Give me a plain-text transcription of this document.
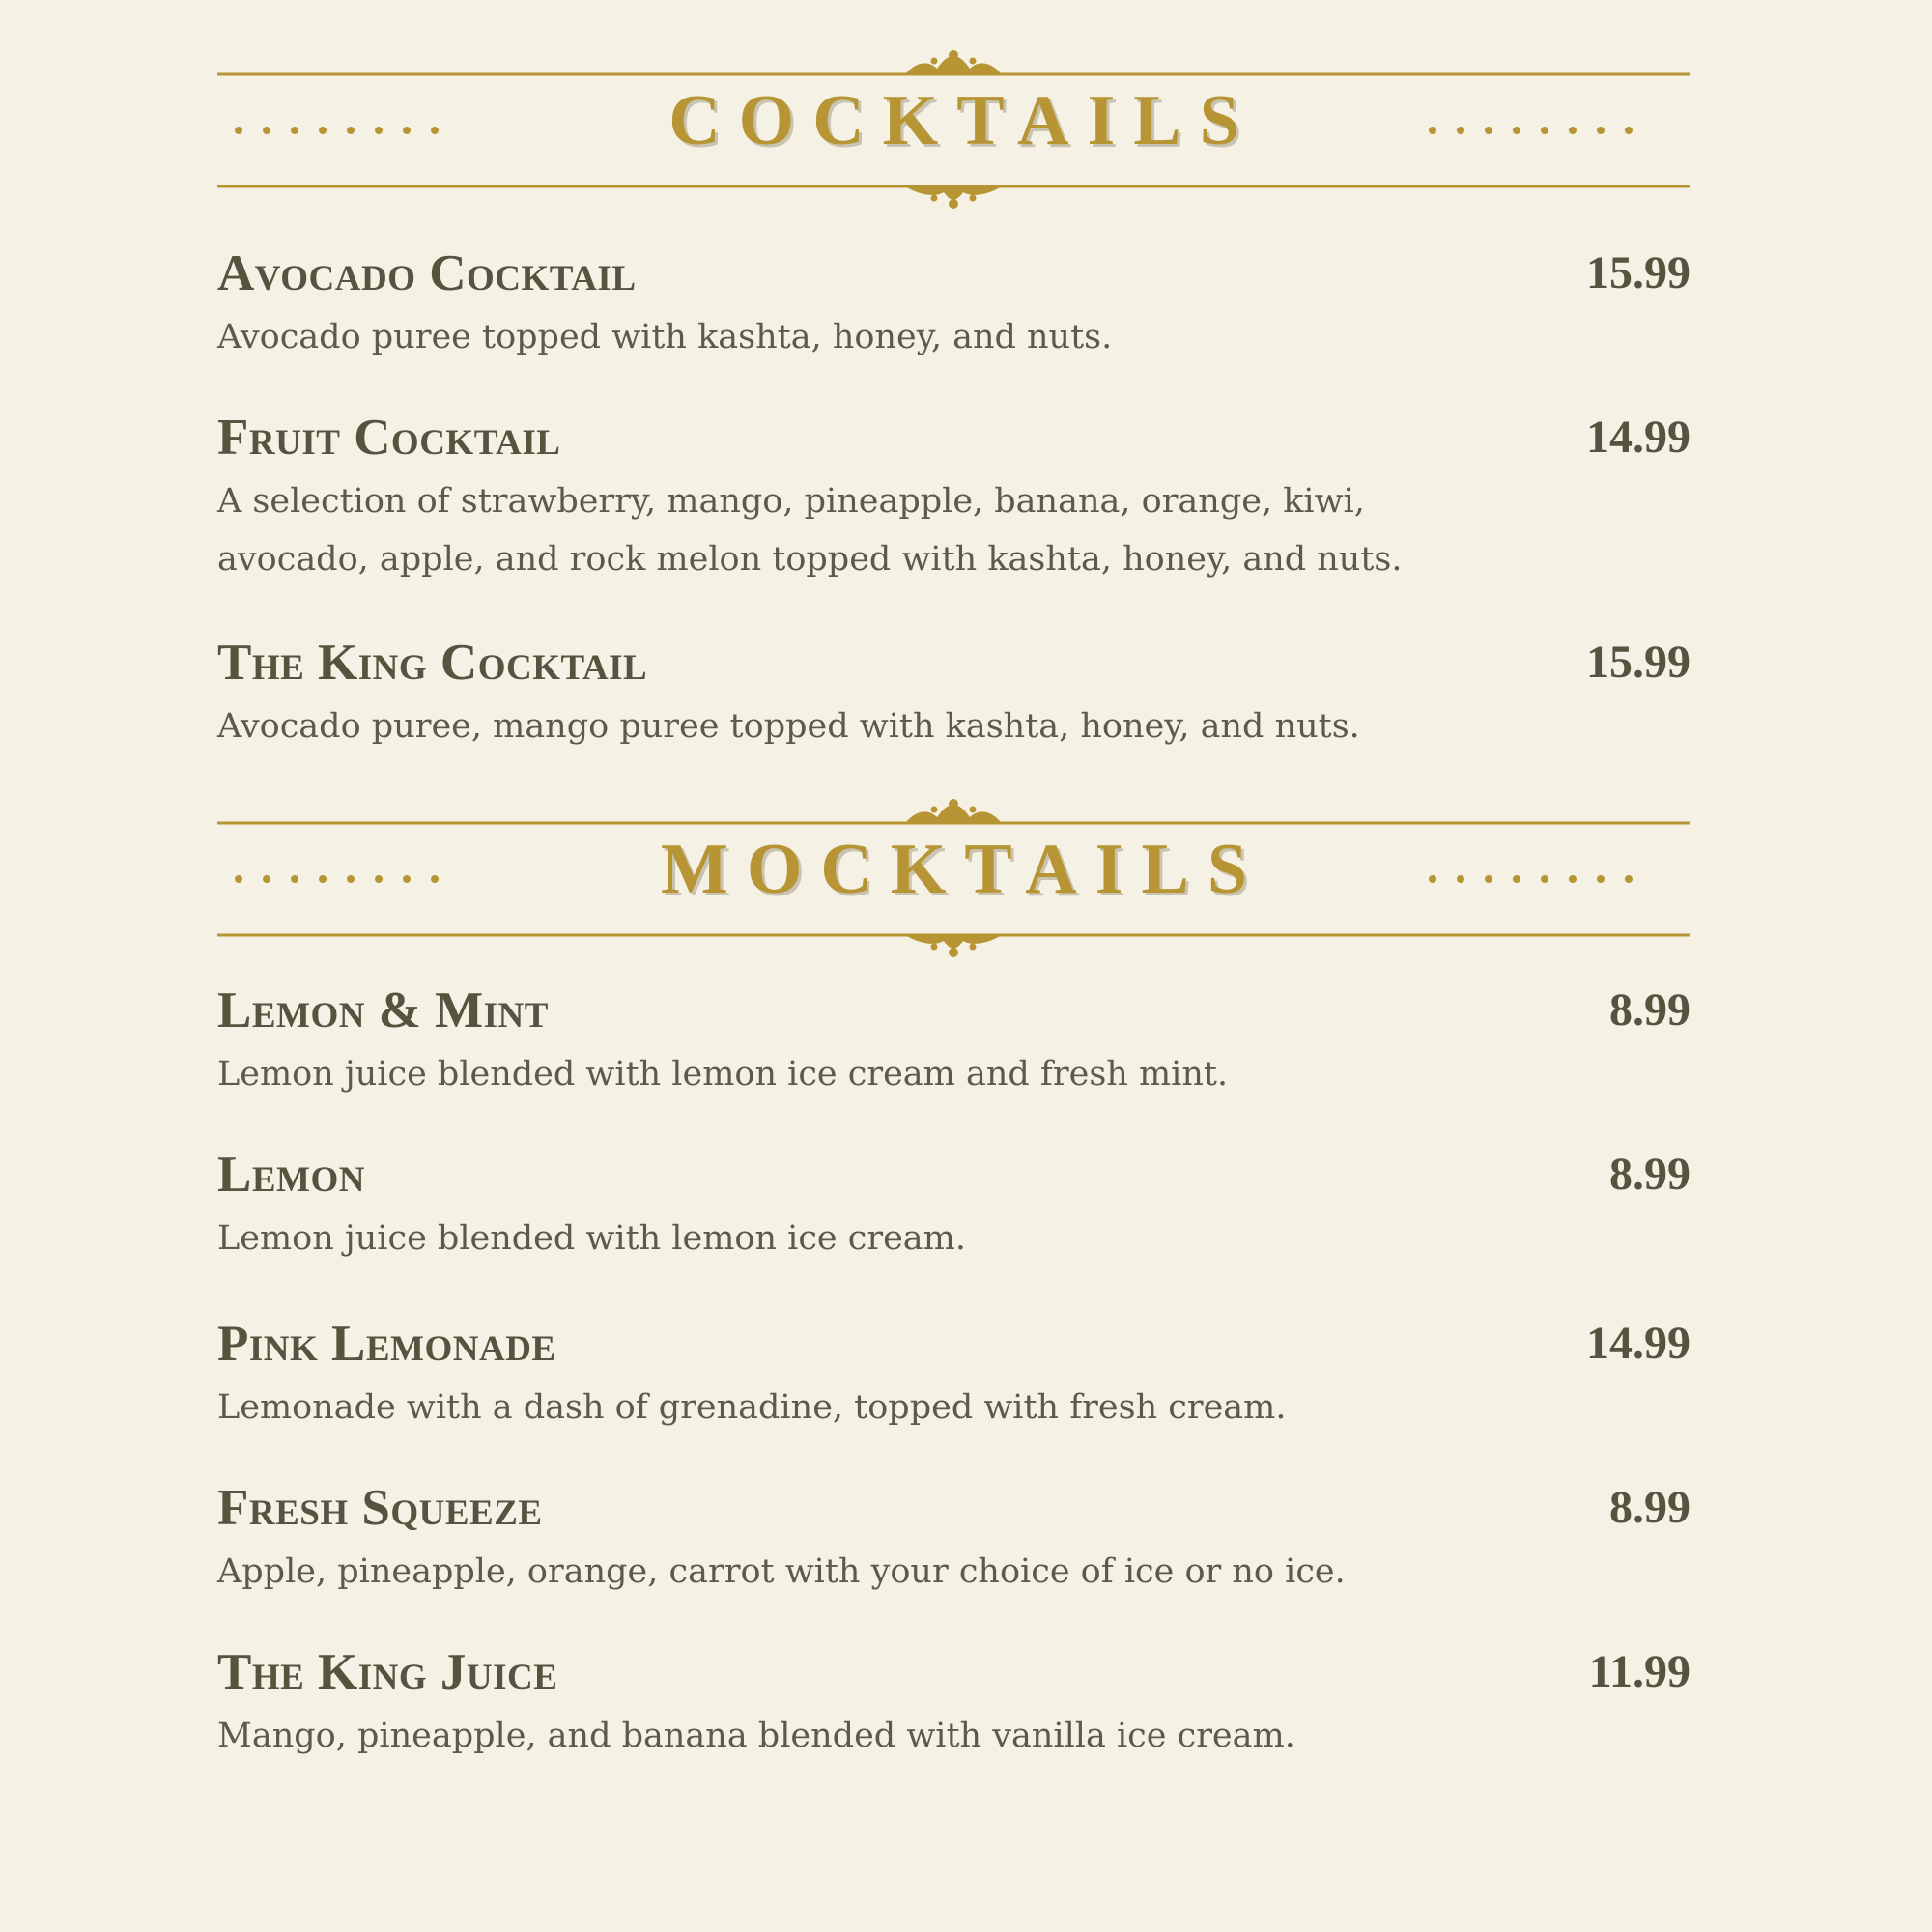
COCKTAILS
Avocado Cocktail	15.99

Avocado puree topped with kashta, honey, and nuts.

Fruit Cocktail	14.99

A selection of strawberry, mango, pineapple, banana, orange, kiwi, avocado, apple, and rock melon topped with kashta, honey, and nuts.

The King Cocktail	15.99

Avocado puree, mango puree topped with kashta, honey, and nuts.

MOCKTAILS
Lemon & Mint	8.99

Lemon juice blended with lemon ice cream and fresh mint.

Lemon	8.99

Lemon juice blended with lemon ice cream.

Pink Lemonade	14.99

Lemonade with a dash of grenadine, topped with fresh cream.

Fresh Squeeze	8.99

Apple, pineapple, orange, carrot with your choice of ice or no ice.

The King Juice	11.99

Mango, pineapple, and banana blended with vanilla ice cream.
